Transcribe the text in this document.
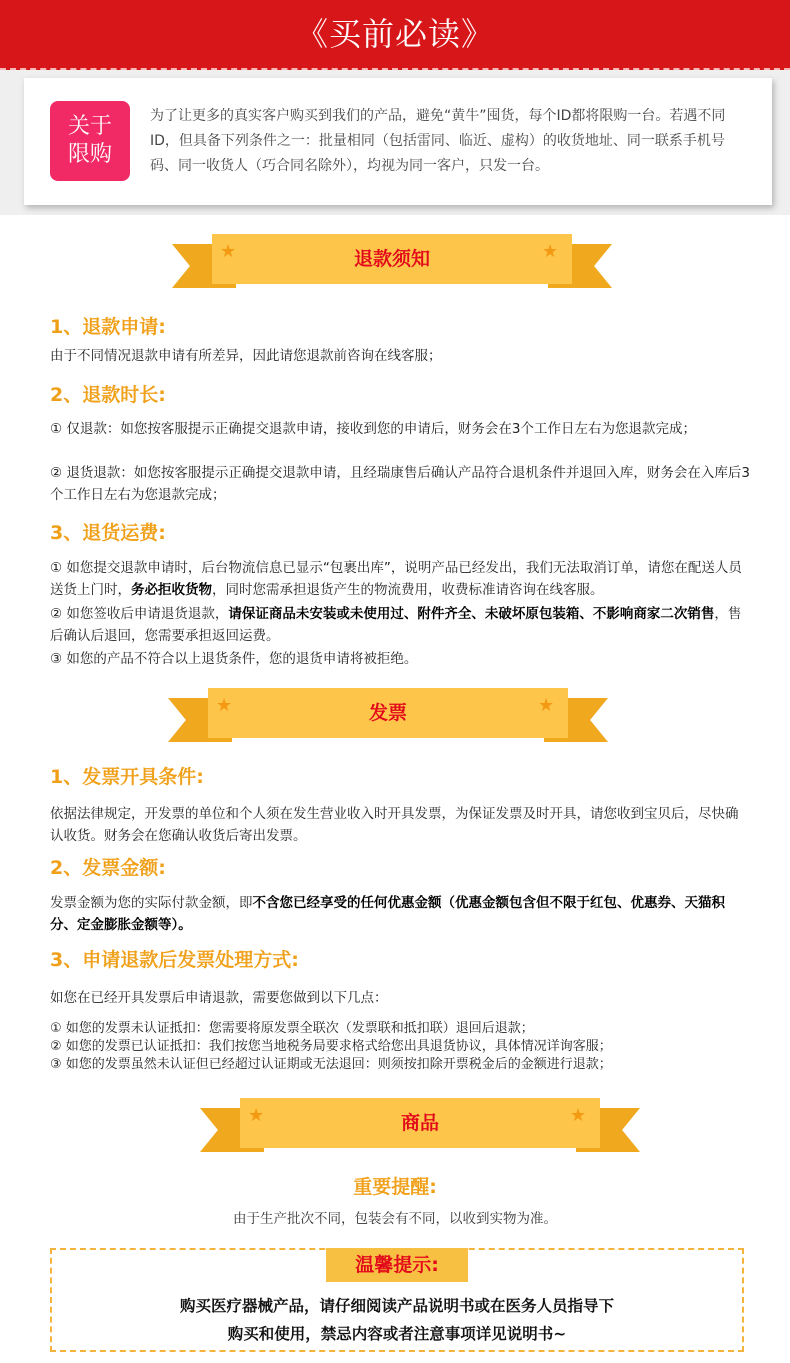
《买前必读》
关于
限购
为了让更多的真实客户购买到我们的产品，避免“黄牛”囤货，每个ID都将限购一台。若遇不同ID，但具备下列条件之一：批量相同（包括雷同、临近、虚构）的收货地址、同一联系手机号码、同一收货人（巧合同名除外），均视为同一客户，只发一台。
★	★
退款须知
1、退款申请:
由于不同情况退款申请有所差异，因此请您退款前咨询在线客服；
2、退款时长:
① 仅退款：如您按客服提示正确提交退款申请，接收到您的申请后，财务会在3个工作日左右为您退款完成；
② 退货退款：如您按客服提示正确提交退款申请，且经瑞康售后确认产品符合退机条件并退回入库，财务会在入库后3个工作日左右为您退款完成；
3、退货运费:
① 如您提交退款申请时，后台物流信息已显示“包裹出库”，说明产品已经发出，我们无法取消订单，请您在配送人员送货上门时，务必拒收货物，同时您需承担退货产生的物流费用，收费标准请咨询在线客服。
② 如您签收后申请退货退款，请保证商品未安装或未使用过、附件齐全、未破坏原包装箱、不影响商家二次销售，售后确认后退回，您需要承担返回运费。
③ 如您的产品不符合以上退货条件，您的退货申请将被拒绝。
★	★
发票
1、发票开具条件:
依据法律规定，开发票的单位和个人须在发生营业收入时开具发票，为保证发票及时开具，请您收到宝贝后，尽快确认收货。财务会在您确认收货后寄出发票。
2、发票金额:
发票金额为您的实际付款金额，即不含您已经享受的任何优惠金额（优惠金额包含但不限于红包、优惠券、天猫积分、定金膨胀金额等）。
3、申请退款后发票处理方式:
如您在已经开具发票后申请退款，需要您做到以下几点：
① 如您的发票未认证抵扣：您需要将原发票全联次（发票联和抵扣联）退回后退款；
② 如您的发票已认证抵扣：我们按您当地税务局要求格式给您出具退货协议，具体情况详询客服；
③ 如您的发票虽然未认证但已经超过认证期或无法退回：则须按扣除开票税金后的金额进行退款；
★	★
商品
重要提醒:
由于生产批次不同，包装会有不同，以收到实物为准。
温馨提示:
购买医疗器械产品，请仔细阅读产品说明书或在医务人员指导下
购买和使用，禁忌内容或者注意事项详见说明书~
